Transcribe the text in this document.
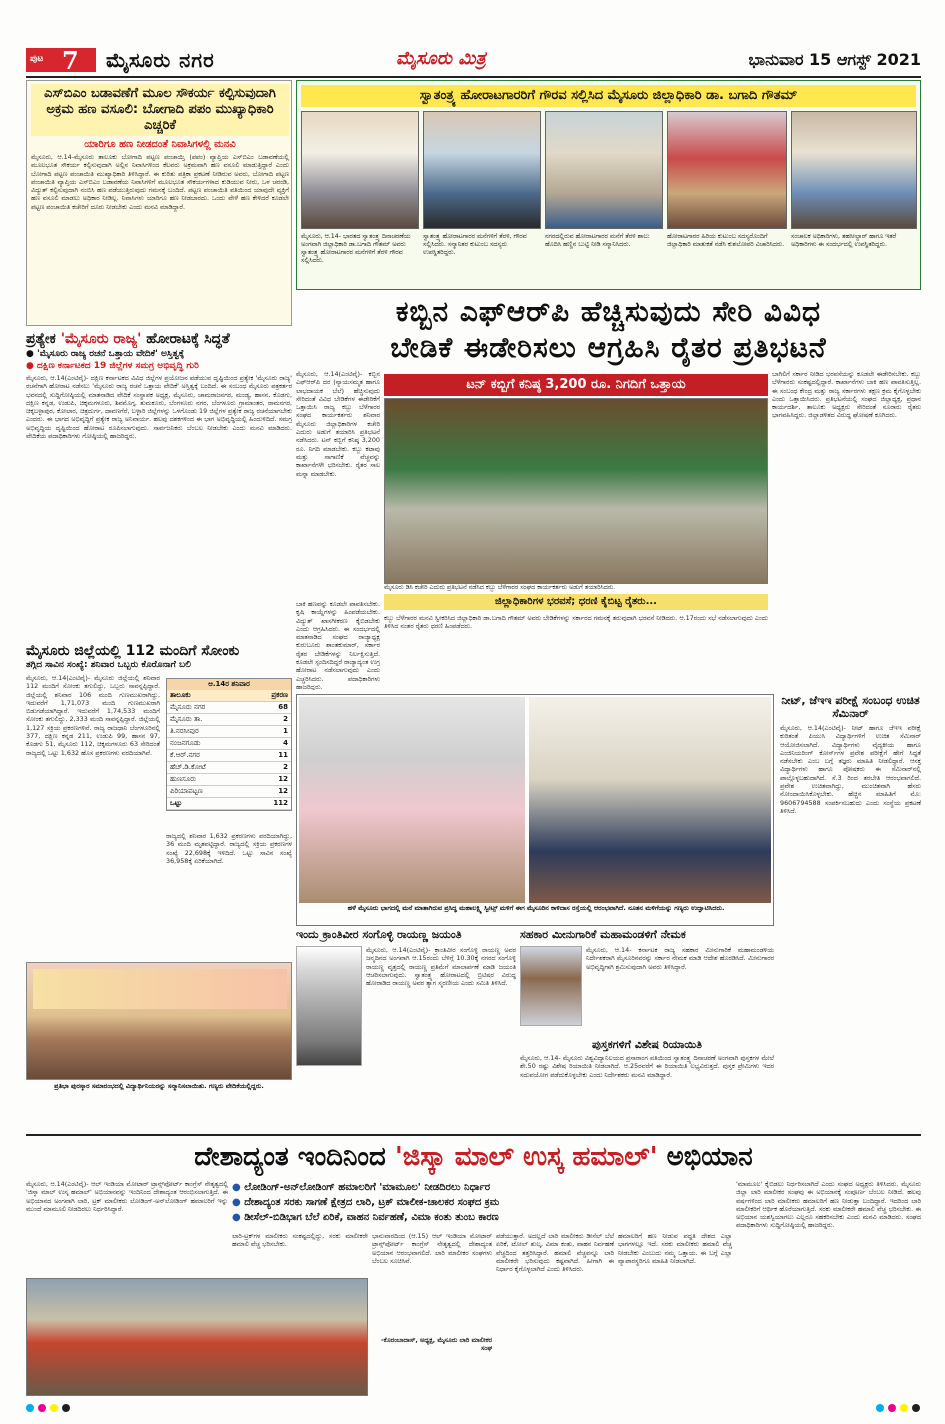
ಪುಟ 7 ಮೈಸೂರು ನಗರ	ಮೈಸೂರು ಮಿತ್ರ	ಭಾನುವಾರ 15 ಆಗಸ್ಟ್ 2021
ಎಸ್‌ಬಿಎಂ ಬಡಾವಣೆಗೆ ಮೂಲ ಸೌಕರ್ಯ ಕಲ್ಪಿಸುವುದಾಗಿ ಅಕ್ರಮ ಹಣ ವಸೂಲಿ: ಬೋಗಾದಿ ಪಪಂ ಮುಖ್ಯಾಧಿಕಾರಿ ಎಚ್ಚರಿಕೆ
ಯಾರಿಗೂ ಹಣ ನೀಡದಂತೆ ನಿವಾಸಿಗಳಲ್ಲಿ ಮನವಿ
ಮೈಸೂರು, ಆ.14-ಮೈಸೂರು ತಾಲೂಕು ಬೋಗಾದಿ ಪಟ್ಟಣ ಪಂಚಾಯ್ತಿ (ಪಪಂ) ವ್ಯಾಪ್ತಿಯ ಎಸ್‌ಬಿಎಂ ಬಡಾವಣೆಯಲ್ಲಿ ಮೂಲಭೂತ ಸೌಕರ್ಯ ಕಲ್ಪಿಸುವುದಾಗಿ ಅಲ್ಲಿನ ನಿವಾಸಿಗಳಿಂದ ಕೆಲವರು ಅಕ್ರಮವಾಗಿ ಹಣ ವಸೂಲಿ ಮಾಡುತ್ತಿದ್ದಾರೆ ಎಂದು ಬೋಗಾದಿ ಪಟ್ಟಣ ಪಂಚಾಯಿತಿ ಮುಖ್ಯಾಧಿಕಾರಿ ತಿಳಿಸಿದ್ದಾರೆ. ಈ ಕುರಿತು ಪತ್ರಿಕಾ ಪ್ರಕಟಣೆ ನೀಡಿರುವ ಅವರು, ಬೋಗಾದಿ ಪಟ್ಟಣ ಪಂಚಾಯಿತಿ ವ್ಯಾಪ್ತಿಯ ಎಸ್‌ಬಿಎಂ ಬಡಾವಣೆಯ ನಿವಾಸಿಗಳಿಗೆ ಮೂಲಭೂತ ಸೌಕರ್ಯಗಳಾದ ಕುಡಿಯುವ ನೀರು, ಒಳ ಚರಂಡಿ, ವಿದ್ಯುತ್ ಕಲ್ಪಿಸುವುದಾಗಿ ನಂಬಿಸಿ ಹಣ ಪಡೆಯುತ್ತಿರುವುದು ಗಮನಕ್ಕೆ ಬಂದಿದೆ. ಪಟ್ಟಣ ಪಂಚಾಯಿತಿ ವತಿಯಿಂದ ಯಾವುದೇ ವ್ಯಕ್ತಿಗೆ ಹಣ ವಸೂಲಿ ಮಾಡಲು ಅಧಿಕಾರ ನೀಡಿಲ್ಲ. ನಿವಾಸಿಗಳು ಯಾರಿಗೂ ಹಣ ನೀಡಬಾರದು. ಒಂದು ವೇಳೆ ಹಣ ಕೇಳಿದರೆ ಕೂಡಲೇ ಪಟ್ಟಣ ಪಂಚಾಯಿತಿ ಕಚೇರಿಗೆ ದೂರು ನೀಡಬೇಕು ಎಂದು ಮನವಿ ಮಾಡಿದ್ದಾರೆ.
ಪ್ರತ್ಯೇಕ 'ಮೈಸೂರು ರಾಜ್ಯ' ಹೋರಾಟಕ್ಕೆ ಸಿದ್ಧತೆ
● 'ಮೈಸೂರು ರಾಜ್ಯ ರಚನೆ ಒತ್ತಾಯ ವೇದಿಕೆ' ಅಸ್ತಿತ್ವಕ್ಕೆ
● ದಕ್ಷಿಣ ಕರ್ನಾಟಕದ 19 ಜಿಲ್ಲೆಗಳ ಸಮಗ್ರ ಅಭಿವೃದ್ಧಿ ಗುರಿ
ಮೈಸೂರು, ಆ.14(ಎಂಟಿವೈ)- ದಕ್ಷಿಣ ಕರ್ನಾಟಕದ ವಿವಿಧ ಜಿಲ್ಲೆಗಳ ಪ್ರಯೋಜನ ಪಡೆಯುವ ದೃಷ್ಟಿಯಿಂದ ಪ್ರತ್ಯೇಕ 'ಮೈಸೂರು ರಾಜ್ಯ' ರಚನೆಗಾಗಿ ಹೋರಾಟ ನಡೆಸಲು 'ಮೈಸೂರು ರಾಜ್ಯ ರಚನೆ ಒತ್ತಾಯ ವೇದಿಕೆ' ಅಸ್ತಿತ್ವಕ್ಕೆ ಬಂದಿದೆ. ಈ ಸಂಬಂಧ ಮೈಸೂರು ಪತ್ರಕರ್ತರ ಭವನದಲ್ಲಿ ಸುದ್ದಿಗೋಷ್ಠಿಯಲ್ಲಿ ಮಾತನಾಡಿದ ವೇದಿಕೆ ಸಂಸ್ಥಾಪಕ ಅಧ್ಯಕ್ಷ, ಮೈಸೂರು, ಚಾಮರಾಜನಗರ, ಮಂಡ್ಯ, ಹಾಸನ, ಕೊಡಗು, ದಕ್ಷಿಣ ಕನ್ನಡ, ಉಡುಪಿ, ಚಿಕ್ಕಮಗಳೂರು, ಶಿವಮೊಗ್ಗ, ತುಮಕೂರು, ಬೆಂಗಳೂರು ನಗರ, ಬೆಂಗಳೂರು ಗ್ರಾಮಾಂತರ, ರಾಮನಗರ, ಚಿಕ್ಕಬಳ್ಳಾಪುರ, ಕೋಲಾರ, ಚಿತ್ರದುರ್ಗ, ದಾವಣಗೆರೆ, ಬಳ್ಳಾರಿ ಜಿಲ್ಲೆಗಳನ್ನು ಒಳಗೊಂಡು 19 ಜಿಲ್ಲೆಗಳ ಪ್ರತ್ಯೇಕ ರಾಜ್ಯ ರಚನೆಯಾಗಬೇಕು ಎಂದರು. ಈ ಭಾಗದ ಅಭಿವೃದ್ಧಿಗೆ ಪ್ರತ್ಯೇಕ ರಾಜ್ಯ ಅನಿವಾರ್ಯ. ಹಲವು ದಶಕಗಳಿಂದ ಈ ಭಾಗ ಅಭಿವೃದ್ಧಿಯಲ್ಲಿ ಹಿಂದುಳಿದಿದೆ. ಸಮಗ್ರ ಅಭಿವೃದ್ಧಿಯ ದೃಷ್ಟಿಯಿಂದ ಹೋರಾಟ ರೂಪಿಸಲಾಗುವುದು. ಸಾರ್ವಜನಿಕರು ಬೆಂಬಲ ನೀಡಬೇಕು ಎಂದು ಮನವಿ ಮಾಡಿದರು. ವೇದಿಕೆಯ ಪದಾಧಿಕಾರಿಗಳು ಗೋಷ್ಠಿಯಲ್ಲಿ ಹಾಜರಿದ್ದರು.
ಮೈಸೂರು ಜಿಲ್ಲೆಯಲ್ಲಿ 112 ಮಂದಿಗೆ ಸೋಂಕು
ತಗ್ಗಿದ ಸಾವಿನ ಸಂಖ್ಯೆ: ಶನಿವಾರ ಒಬ್ಬರು ಕೊರೊನಾಗೆ ಬಲಿ
ಮೈಸೂರು, ಆ.14(ಎಂಟಿವೈ)- ಮೈಸೂರು ಜಿಲ್ಲೆಯಲ್ಲಿ ಶನಿವಾರ 112 ಮಂದಿಗೆ ಸೋಂಕು ತಗುಲಿದ್ದು, ಒಬ್ಬರು ಸಾವನ್ನಪ್ಪಿದ್ದಾರೆ. ಜಿಲ್ಲೆಯಲ್ಲಿ ಶನಿವಾರ 106 ಮಂದಿ ಗುಣಮುಖರಾಗಿದ್ದು, ಇದುವರೆಗೆ 1,71,073 ಮಂದಿ ಗುಣಮುಖರಾಗಿ ಬಿಡುಗಡೆಯಾಗಿದ್ದಾರೆ. ಇದುವರೆಗೆ 1,74,533 ಮಂದಿಗೆ ಸೋಂಕು ತಗುಲಿದ್ದು, 2,333 ಮಂದಿ ಸಾವನ್ನಪ್ಪಿದ್ದಾರೆ. ಜಿಲ್ಲೆಯಲ್ಲಿ 1,127 ಸಕ್ರಿಯ ಪ್ರಕರಣಗಳಿವೆ. ರಾಜ್ಯ ರಾಜಧಾನಿ ಬೆಂಗಳೂರಿನಲ್ಲಿ 377, ದಕ್ಷಿಣ ಕನ್ನಡ 211, ಉಡುಪಿ 99, ಹಾಸನ 97, ಕೊಡಗು 51, ಮೈಸೂರು 112, ಚಿಕ್ಕಮಗಳೂರು 63 ಸೇರಿದಂತೆ ರಾಜ್ಯದಲ್ಲಿ ಒಟ್ಟು 1,632 ಹೊಸ ಪ್ರಕರಣಗಳು ವರದಿಯಾಗಿವೆ.
ಆ.14ರ ಶನಿವಾರ
ತಾಲೂಕು	ಪ್ರಕರಣ
ಮೈಸೂರು ನಗರ	68
ಮೈಸೂರು ತಾ.	2
ತಿ.ನರಸೀಪುರ	1
ನಂಜನಗೂಡು	4
ಕೆ.ಆರ್.ನಗರ	11
ಹೆಚ್.ಡಿ.ಕೋಟೆ	2
ಹುಣಸೂರು	12
ಪಿರಿಯಾಪಟ್ಟಣ	12
ಒಟ್ಟು	112
ರಾಜ್ಯದಲ್ಲಿ ಶನಿವಾರ 1,632 ಪ್ರಕರಣಗಳು ವರದಿಯಾಗಿದ್ದು, 36 ಮಂದಿ ಮೃತಪಟ್ಟಿದ್ದಾರೆ. ರಾಜ್ಯದಲ್ಲಿ ಸಕ್ರಿಯ ಪ್ರಕರಣಗಳ ಸಂಖ್ಯೆ 22,698ಕ್ಕೆ ಇಳಿದಿದೆ. ಒಟ್ಟು ಸಾವಿನ ಸಂಖ್ಯೆ 36,958ಕ್ಕೆ ಏರಿಕೆಯಾಗಿದೆ.
ಪ್ರತಿಭಾ ಪುರಸ್ಕಾರ ಸಮಾರಂಭದಲ್ಲಿ ವಿದ್ಯಾರ್ಥಿನಿಯರನ್ನು ಸನ್ಮಾನಿಸಲಾಯಿತು. ಗಣ್ಯರು ವೇದಿಕೆಯಲ್ಲಿದ್ದರು.
ಸ್ವಾತಂತ್ರ್ಯ ಹೋರಾಟಗಾರರಿಗೆ ಗೌರವ ಸಲ್ಲಿಸಿದ ಮೈಸೂರು ಜಿಲ್ಲಾಧಿಕಾರಿ ಡಾ. ಬಗಾದಿ ಗೌತಮ್
ಮೈಸೂರು, ಆ.14- ಭಾರತದ ಸ್ವಾತಂತ್ರ್ಯ ದಿನಾಚರಣೆಯ ಅಂಗವಾಗಿ ಜಿಲ್ಲಾಧಿಕಾರಿ ಡಾ.ಬಗಾದಿ ಗೌತಮ್ ಅವರು ಸ್ವಾತಂತ್ರ್ಯ ಹೋರಾಟಗಾರರ ಮನೆಗಳಿಗೆ ತೆರಳಿ ಗೌರವ ಸಲ್ಲಿಸಿದರು.
ಸ್ವಾತಂತ್ರ್ಯ ಹೋರಾಟಗಾರರ ಮನೆಗಳಿಗೆ ತೆರಳಿ, ಗೌರವ ಸಲ್ಲಿಸಿದರು. ಸನ್ಮಾನಿತರ ಕುಟುಂಬ ಸದಸ್ಯರು ಉಪಸ್ಥಿತರಿದ್ದರು.
ನಗರದಲ್ಲಿರುವ ಹೋರಾಟಗಾರರ ಮನೆಗೆ ತೆರಳಿ ಶಾಲು ಹೊದಿಸಿ ಹಣ್ಣಿನ ಬುಟ್ಟಿ ನೀಡಿ ಸನ್ಮಾನಿಸಿದರು.
ಹೋರಾಟಗಾರರ ಹಿರಿಯ ಕುಟುಂಬ ಸದಸ್ಯರೊಂದಿಗೆ ಜಿಲ್ಲಾಧಿಕಾರಿ ಮಾತುಕತೆ ನಡೆಸಿ ಕುಶಲೋಪರಿ ವಿಚಾರಿಸಿದರು.
ಸಂಚಾಲಕ ಅಧಿಕಾರಿಗಳು, ತಹಸೀಲ್ದಾರ್ ಹಾಗೂ ಇತರೆ ಅಧಿಕಾರಿಗಳು ಈ ಸಂದರ್ಭದಲ್ಲಿ ಉಪಸ್ಥಿತರಿದ್ದರು.
ಕಬ್ಬಿನ ಎಫ್‌ಆರ್‌ಪಿ ಹೆಚ್ಚಿಸುವುದು ಸೇರಿ ವಿವಿಧ
ಬೇಡಿಕೆ ಈಡೇರಿಸಲು ಆಗ್ರಹಿಸಿ ರೈತರ ಪ್ರತಿಭಟನೆ
ಮೈಸೂರು, ಆ.14(ಎಂಟಿವೈ)- ಕಬ್ಬಿನ ಎಫ್‌ಆರ್‌ಪಿ ದರ (ನ್ಯಾಯಸಮ್ಮತ ಹಾಗೂ ಲಾಭದಾಯಕ ಬೆಲೆ) ಹೆಚ್ಚಿಸುವುದು ಸೇರಿದಂತೆ ವಿವಿಧ ಬೇಡಿಕೆಗಳ ಈಡೇರಿಕೆಗೆ ಒತ್ತಾಯಿಸಿ ರಾಜ್ಯ ಕಬ್ಬು ಬೆಳೆಗಾರರ ಸಂಘದ ಕಾರ್ಯಕರ್ತರು ಶನಿವಾರ ಮೈಸೂರು ಜಿಲ್ಲಾಧಿಕಾರಿಗಳ ಕಚೇರಿ ಎದುರು ಅಡುಗೆ ತಯಾರಿಸಿ ಪ್ರತಿಭಟನೆ ನಡೆಸಿದರು. ಟನ್ ಕಬ್ಬಿಗೆ ಕನಿಷ್ಠ 3,200 ರೂ. ನಿಗದಿ ಮಾಡಬೇಕು. ಕಬ್ಬು ಕಟಾವು ಮತ್ತು ಸಾಗಾಣಿಕೆ ವೆಚ್ಚವನ್ನು ಕಾರ್ಖಾನೆಗಳೇ ಭರಿಸಬೇಕು. ರೈತರ ಸಾಲ ಮನ್ನಾ ಮಾಡಬೇಕು.
ಟನ್ ಕಬ್ಬಿಗೆ ಕನಿಷ್ಠ 3,200 ರೂ. ನಿಗದಿಗೆ ಒತ್ತಾಯ
ಮೈಸೂರು ಡಿಸಿ ಕಚೇರಿ ಎದುರು ಪ್ರತಿಭಟನೆ ನಡೆಸಿದ ಕಬ್ಬು ಬೆಳೆಗಾರರ ಸಂಘದ ಕಾರ್ಯಕರ್ತರು ಅಡುಗೆ ತಯಾರಿಸಿದರು.
ಜಿಲ್ಲಾಧಿಕಾರಿಗಳ ಭರವಸೆ; ಧರಣಿ ಕೈಬಿಟ್ಟ ರೈತರು...
ಕಬ್ಬು ಬೆಳೆಗಾರರ ಮನವಿ ಸ್ವೀಕರಿಸಿದ ಜಿಲ್ಲಾಧಿಕಾರಿ ಡಾ.ಬಗಾದಿ ಗೌತಮ್ ಅವರು ಬೇಡಿಕೆಗಳನ್ನು ಸರ್ಕಾರದ ಗಮನಕ್ಕೆ ತರುವುದಾಗಿ ಭರವಸೆ ನೀಡಿದರು. ಆ.17ರಂದು ಸಭೆ ನಡೆಸಲಾಗುವುದು ಎಂದು ತಿಳಿಸಿದ ನಂತರ ರೈತರು ಧರಣಿ ಹಿಂಪಡೆದರು.
ಬಾಕಿ ಹಣವನ್ನು ಕೂಡಲೇ ಪಾವತಿಸಬೇಕು. ಕೃಷಿ ಕಾಯ್ದೆಗಳನ್ನು ಹಿಂಪಡೆಯಬೇಕು. ವಿದ್ಯುತ್ ಖಾಸಗೀಕರಣ ಕೈಬಿಡಬೇಕು ಎಂದು ಆಗ್ರಹಿಸಿದರು. ಈ ಸಂದರ್ಭದಲ್ಲಿ ಮಾತನಾಡಿದ ಸಂಘದ ರಾಜ್ಯಾಧ್ಯಕ್ಷ ಕುರುಬೂರು ಶಾಂತಕುಮಾರ್, ಸರ್ಕಾರ ರೈತರ ಬೇಡಿಕೆಗಳನ್ನು ನಿರ್ಲಕ್ಷಿಸುತ್ತಿದೆ. ಕೂಡಲೇ ಸ್ಪಂದಿಸದಿದ್ದರೆ ರಾಜ್ಯಾದ್ಯಂತ ಉಗ್ರ ಹೋರಾಟ ನಡೆಸಲಾಗುವುದು ಎಂದು ಎಚ್ಚರಿಸಿದರು. ಪದಾಧಿಕಾರಿಗಳು ಹಾಜರಿದ್ದರು.
ಬಾಗಿಲಿಗೆ ಸರ್ಕಾರ ನೀಡಿದ ಭರವಸೆಯನ್ನು ಕೂಡಲೇ ಈಡೇರಿಸಬೇಕು. ಕಬ್ಬು ಬೆಳೆಗಾರರು ಸಂಕಷ್ಟದಲ್ಲಿದ್ದಾರೆ. ಕಾರ್ಖಾನೆಗಳು ಬಾಕಿ ಹಣ ಪಾವತಿಸುತ್ತಿಲ್ಲ. ಈ ಸಂಬಂಧ ಕೇಂದ್ರ ಮತ್ತು ರಾಜ್ಯ ಸರ್ಕಾರಗಳು ತಕ್ಷಣ ಕ್ರಮ ಕೈಗೊಳ್ಳಬೇಕು ಎಂದು ಒತ್ತಾಯಿಸಿದರು. ಪ್ರತಿಭಟನೆಯಲ್ಲಿ ಸಂಘದ ಜಿಲ್ಲಾಧ್ಯಕ್ಷ, ಪ್ರಧಾನ ಕಾರ್ಯದರ್ಶಿ, ತಾಲೂಕು ಅಧ್ಯಕ್ಷರು ಸೇರಿದಂತೆ ನೂರಾರು ರೈತರು ಭಾಗವಹಿಸಿದ್ದರು. ಜಿಲ್ಲಾಡಳಿತದ ವಿರುದ್ಧ ಘೋಷಣೆ ಕೂಗಿದರು.
ಹಳೆ ಮೈಸೂರು ಭಾಗದಲ್ಲಿ ಮನೆ ಮಾತಾಗಿರುವ ಪ್ರಸಿದ್ಧ ಮಹಾಲಕ್ಷ್ಮಿ ಸ್ವೀಟ್ಸ್ ಮಳಿಗೆ ಈಗ ಮೈಸೂರಿನ ಕಾಳಿದಾಸ ರಸ್ತೆಯಲ್ಲಿ ಆರಂಭವಾಗಿದೆ. ನೂತನ ಮಳಿಗೆಯನ್ನು ಗಣ್ಯರು ಉದ್ಘಾಟಿಸಿದರು.
ನೀಟ್, ಜೆಇಇ ಪರೀಕ್ಷೆ ಸಂಬಂಧ ಉಚಿತ ಸೆಮಿನಾರ್
ಮೈಸೂರು, ಆ.14(ಎಂಟಿವೈ)- ನೀಟ್ ಹಾಗೂ ಜೆಇಇ ಪರೀಕ್ಷೆ ಕುರಿತಂತೆ ಪಿಯುಸಿ ವಿದ್ಯಾರ್ಥಿಗಳಿಗೆ ಉಚಿತ ಸೆಮಿನಾರ್ ಆಯೋಜಿಸಲಾಗಿದೆ. ವಿದ್ಯಾರ್ಥಿಗಳು ವೈದ್ಯಕೀಯ ಹಾಗೂ ಎಂಜಿನಿಯರಿಂಗ್ ಕೋರ್ಸ್‌ಗಳ ಪ್ರವೇಶ ಪರೀಕ್ಷೆಗೆ ಹೇಗೆ ಸಿದ್ಧತೆ ನಡೆಸಬೇಕು ಎಂಬ ಬಗ್ಗೆ ತಜ್ಞರು ಮಾಹಿತಿ ನೀಡಲಿದ್ದಾರೆ. ಆಸಕ್ತ ವಿದ್ಯಾರ್ಥಿಗಳು ಹಾಗೂ ಪೋಷಕರು ಈ ಸೆಮಿನಾರ್‌ನಲ್ಲಿ ಪಾಲ್ಗೊಳ್ಳಬಹುದಾಗಿದೆ. ಸೆ.3 ರಿಂದ ತರಬೇತಿ ಆರಂಭವಾಗಲಿದೆ. ಪ್ರವೇಶ ಉಚಿತವಾಗಿದ್ದು, ಮುಂಚಿತವಾಗಿ ಹೆಸರು ನೋಂದಾಯಿಸಿಕೊಳ್ಳಬೇಕು. ಹೆಚ್ಚಿನ ಮಾಹಿತಿಗೆ ಮೊ: 9606794588 ಸಂಪರ್ಕಿಸಬಹುದು ಎಂದು ಸಂಸ್ಥೆಯ ಪ್ರಕಟಣೆ ತಿಳಿಸಿದೆ.
ಇಂದು ಕ್ರಾಂತಿವೀರ ಸಂಗೊಳ್ಳಿ ರಾಯಣ್ಣ ಜಯಂತಿ
ಮೈಸೂರು, ಆ.14(ಎಂಟಿವೈ)- ಕ್ರಾಂತಿವೀರ ಸಂಗೊಳ್ಳಿ ರಾಯಣ್ಣ ಅವರ ಜನ್ಮದಿನದ ಅಂಗವಾಗಿ ಆ.15ರಂದು ಬೆಳಿಗ್ಗೆ 10.30ಕ್ಕೆ ನಗರದ ಸಂಗೊಳ್ಳಿ ರಾಯಣ್ಣ ವೃತ್ತದಲ್ಲಿ ರಾಯಣ್ಣ ಪ್ರತಿಮೆಗೆ ಮಾಲಾರ್ಪಣೆ ಮಾಡಿ ಜಯಂತಿ ಆಚರಿಸಲಾಗುವುದು. ಸ್ವಾತಂತ್ರ್ಯ ಹೋರಾಟದಲ್ಲಿ ಬ್ರಿಟಿಷರ ವಿರುದ್ಧ ಹೋರಾಡಿದ ರಾಯಣ್ಣ ಅವರ ತ್ಯಾಗ ಸ್ಮರಣೀಯ ಎಂದು ಸಮಿತಿ ತಿಳಿಸಿದೆ.
ಸಹಕಾರ ಮೀನುಗಾರಿಕೆ ಮಹಾಮಂಡಳಿಗೆ ನೇಮಕ
ಮೈಸೂರು, ಆ.14- ಕರ್ನಾಟಕ ರಾಜ್ಯ ಸಹಕಾರ ಮೀನುಗಾರಿಕೆ ಮಹಾಮಂಡಳಿಯ ನಿರ್ದೇಶಕರಾಗಿ ಮೈಸೂರಿನವರನ್ನು ಸರ್ಕಾರ ನೇಮಕ ಮಾಡಿ ಆದೇಶ ಹೊರಡಿಸಿದೆ. ಮೀನುಗಾರರ ಅಭಿವೃದ್ಧಿಗಾಗಿ ಶ್ರಮಿಸುವುದಾಗಿ ಅವರು ತಿಳಿಸಿದ್ದಾರೆ.
ಪುಸ್ತಕಗಳಿಗೆ ವಿಶೇಷ ರಿಯಾಯಿತಿ
ಮೈಸೂರು, ಆ.14- ಮೈಸೂರು ವಿಶ್ವವಿದ್ಯಾನಿಲಯದ ಪ್ರಸಾರಾಂಗ ವತಿಯಿಂದ ಸ್ವಾತಂತ್ರ್ಯ ದಿನಾಚರಣೆ ಅಂಗವಾಗಿ ಪುಸ್ತಕಗಳ ಮೇಲೆ ಶೇ.50 ರಷ್ಟು ವಿಶೇಷ ರಿಯಾಯಿತಿ ನೀಡಲಾಗಿದೆ. ಆ.25ರವರೆಗೆ ಈ ರಿಯಾಯಿತಿ ಲಭ್ಯವಿರುತ್ತದೆ. ಪುಸ್ತಕ ಪ್ರೇಮಿಗಳು ಇದರ ಸದುಪಯೋಗ ಪಡೆದುಕೊಳ್ಳಬೇಕು ಎಂದು ನಿರ್ದೇಶಕರು ಮನವಿ ಮಾಡಿದ್ದಾರೆ.
ದೇಶಾದ್ಯಂತ ಇಂದಿನಿಂದ 'ಜಿಸ್ಕಾ ಮಾಲ್ ಉಸ್ಕ ಹಮಾಲ್' ಅಭಿಯಾನ
● ಲೋಡಿಂಗ್-ಅನ್‌ಲೋಡಿಂಗ್ ಹಮಾಲರಿಗೆ 'ಮಾಮೂಲ' ನೀಡದಿರಲು ನಿರ್ಧಾರ
● ದೇಶಾದ್ಯಂತ ಸರಕು ಸಾಗಣೆ ಕ್ಷೇತ್ರದ ಲಾರಿ, ಟ್ರಕ್ ಮಾಲೀಕ-ಚಾಲಕರ ಸಂಘದ ಕ್ರಮ
● ಡೀಸೆಲ್-ಬಿಡಿಭಾಗ ಬೆಲೆ ಏರಿಕೆ, ವಾಹನ ನಿರ್ವಹಣೆ, ವಿಮಾ ಕಂತು ತುಂಬ ಕಾರಣ
ಮೈಸೂರು, ಆ.14(ಎಂಟಿವೈ)- ಆಲ್ ಇಂಡಿಯಾ ಮೋಟಾರ್ ಟ್ರಾನ್ಸ್‌ಪೋರ್ಟ್ ಕಾಂಗ್ರೆಸ್ ನೇತೃತ್ವದಲ್ಲಿ 'ಜಿಸ್ಕಾ ಮಾಲ್ ಉಸ್ಕ ಹಮಾಲ್' ಅಭಿಯಾನವನ್ನು ಇಂದಿನಿಂದ ದೇಶಾದ್ಯಂತ ಆರಂಭಿಸಲಾಗುತ್ತಿದೆ. ಈ ಅಭಿಯಾನದ ಅಂಗವಾಗಿ ಲಾರಿ, ಟ್ರಕ್ ಮಾಲೀಕರು ಲೋಡಿಂಗ್-ಅನ್‌ಲೋಡಿಂಗ್ ಹಮಾಲರಿಗೆ ಇನ್ನು ಮುಂದೆ ಮಾಮೂಲಿ ನೀಡದಿರಲು ನಿರ್ಧರಿಸಿದ್ದಾರೆ.
ಲಾರಿ-ಟ್ರಕ್‌ಗಳ ಮಾಲೀಕರು ಸಂಕಷ್ಟದಲ್ಲಿದ್ದು, ಸರಕು ಮಾಲೀಕರೇ ಹಮಾಲಿ ವೆಚ್ಚ ಭರಿಸಬೇಕು.
ಭಾನುವಾರದಿಂದ (ಆ.15) ಆಲ್ ಇಂಡಿಯಾ ಮೋಟಾರ್ ಟ್ರಾನ್ಸ್‌ಪೋರ್ಟ್ ಕಾಂಗ್ರೆಸ್ ನೇತೃತ್ವದಲ್ಲಿ ದೇಶಾದ್ಯಂತ ಅಭಿಯಾನ ಆರಂಭವಾಗಲಿದೆ. ಲಾರಿ ಮಾಲೀಕರ ಸಂಘಗಳು ಬೆಂಬಲ ಸೂಚಿಸಿವೆ.
-ಕೊರಂಬಾದಾಸ್, ಅಧ್ಯಕ್ಷ, ಮೈಸೂರು ಲಾರಿ ಮಾಲೀಕರ ಸಂಘ
ಪಡೆಯುತ್ತಾರೆ. ಅದಲ್ಲದೆ ಲಾರಿ ಮಾಲೀಕರು ಡೀಸೆಲ್ ಬೆಲೆ ಏರಿಕೆ, ಟೋಲ್ ಶುಲ್ಕ, ವಿಮಾ ಕಂತು, ವಾಹನ ನಿರ್ವಹಣೆ ವೆಚ್ಚದಿಂದ ತತ್ತರಿಸಿದ್ದಾರೆ. ಹಮಾಲಿ ವೆಚ್ಚವನ್ನೂ ಲಾರಿ ಮಾಲೀಕರೇ ಭರಿಸುವುದು ಕಷ್ಟವಾಗಿದೆ. ಹೀಗಾಗಿ ಈ ನಿರ್ಧಾರ ಕೈಗೊಳ್ಳಲಾಗಿದೆ ಎಂದು ತಿಳಿಸಿದರು.
ಹಮಾಲರಿಗೆ ಹಣ ನೀಡುವ ಪದ್ಧತಿ ದೇಶದ ಎಲ್ಲಾ ಭಾಗಗಳಲ್ಲೂ ಇದೆ. ಸರಕು ಮಾಲೀಕರು ಹಮಾಲಿ ವೆಚ್ಚ ನೀಡಬೇಕು ಎಂಬುದು ನಮ್ಮ ಒತ್ತಾಯ. ಈ ಬಗ್ಗೆ ಎಲ್ಲಾ ವ್ಯಾಪಾರಸ್ಥರಿಗೂ ಮಾಹಿತಿ ನೀಡಲಾಗಿದೆ.
'ಮಾಮೂಲ' ಕೈಬಿಡಲು ನಿರ್ಧರಿಸಲಾಗಿದೆ ಎಂದು ಸಂಘದ ಅಧ್ಯಕ್ಷರು ತಿಳಿಸಿದರು. ಮೈಸೂರು ಜಿಲ್ಲಾ ಲಾರಿ ಮಾಲೀಕರ ಸಂಘವು ಈ ಅಭಿಯಾನಕ್ಕೆ ಸಂಪೂರ್ಣ ಬೆಂಬಲ ನೀಡಿದೆ. ಹಲವು ವರ್ಷಗಳಿಂದ ಲಾರಿ ಮಾಲೀಕರು ಹಮಾಲರಿಗೆ ಹಣ ನೀಡುತ್ತಾ ಬಂದಿದ್ದಾರೆ. ಇದರಿಂದ ಲಾರಿ ಮಾಲೀಕರಿಗೆ ಆರ್ಥಿಕ ಹೊರೆಯಾಗುತ್ತಿದೆ. ಸರಕು ಮಾಲೀಕರೇ ಹಮಾಲಿ ವೆಚ್ಚ ಭರಿಸಬೇಕು. ಈ ಅಭಿಯಾನ ಯಶಸ್ವಿಯಾಗಲು ಎಲ್ಲರೂ ಸಹಕರಿಸಬೇಕು ಎಂದು ಮನವಿ ಮಾಡಿದರು. ಸಂಘದ ಪದಾಧಿಕಾರಿಗಳು ಸುದ್ದಿಗೋಷ್ಠಿಯಲ್ಲಿ ಹಾಜರಿದ್ದರು.
